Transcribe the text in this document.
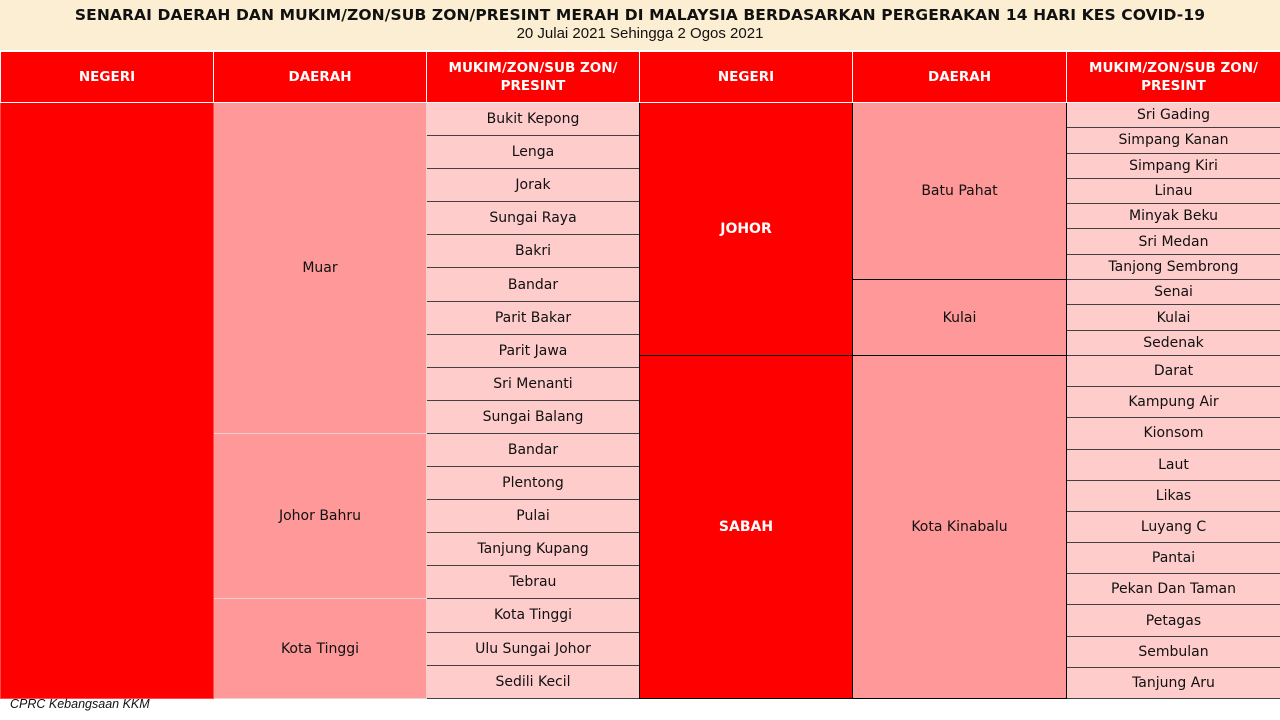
SENARAI DAERAH DAN MUKIM/ZON/SUB ZON/PRESINT MERAH DI MALAYSIA BERDASARKAN PERGERAKAN 14 HARI KES COVID-19
20 Julai 2021 Sehingga 2 Ogos 2021
NEGERI	DAERAH	MUKIM/ZON/SUB ZON/ PRESINT
	Muar	Bukit Kepong
		Lenga
		Jorak
		Sungai Raya
		Bakri
		Bandar
		Parit Bakar
		Parit Jawa
		Sri Menanti
		Sungai Balang
	Johor Bahru	Bandar
		Plentong
		Pulai
		Tanjung Kupang
		Tebrau
	Kota Tinggi	Kota Tinggi
		Ulu Sungai Johor
		Sedili Kecil
NEGERI	DAERAH	MUKIM/ZON/SUB ZON/ PRESINT
JOHOR	Batu Pahat	Sri Gading
		Simpang Kanan
		Simpang Kiri
		Linau
		Minyak Beku
		Sri Medan
		Tanjong Sembrong
	Kulai	Senai
		Kulai
		Sedenak
SABAH	Kota Kinabalu	Darat
		Kampung Air
		Kionsom
		Laut
		Likas
		Luyang C
		Pantai
		Pekan Dan Taman
		Petagas
		Sembulan
		Tanjung Aru
CPRC Kebangsaan KKM
